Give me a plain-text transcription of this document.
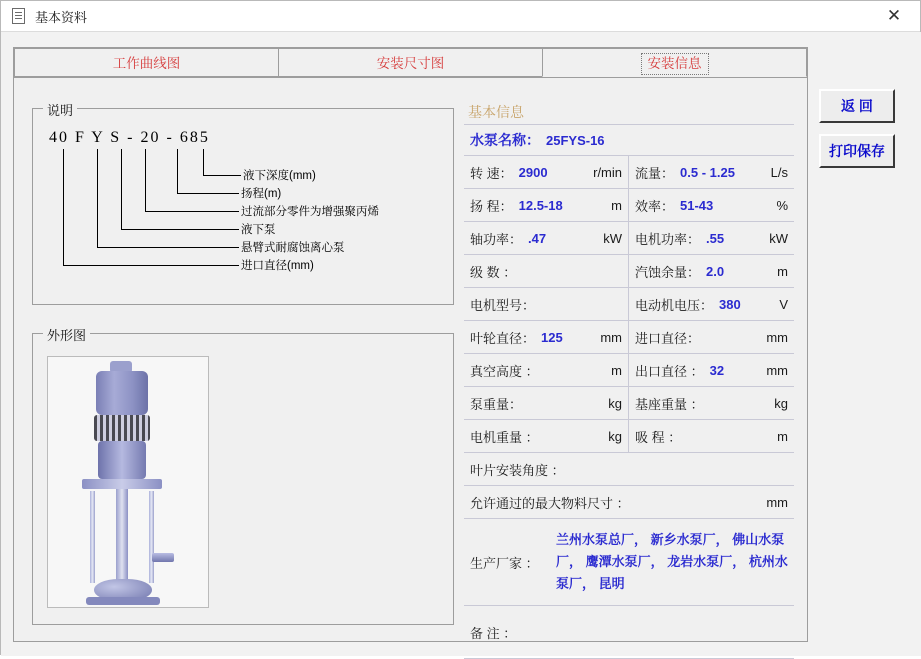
基本资料	✕
工作曲线图	安装尺寸图	安装信息
说明
40 F Y S - 20 - 685
液下深度(mm)
扬程(m)
过流部分零件为增强聚丙烯
液下泵
悬臂式耐腐蚀离心泵
进口直径(mm)
外形图
基本信息
水泵名称： 25FYS-16
转 速： 2900	r/min 流量： 0.5 - 1.25	L/s
扬 程： 12.5-18	m 效率： 51-43	%
轴功率： .47	kW 电机功率： .55	kW
级 数 ：	汽蚀余量： 2.0	m
电机型号：	电动机电压： 380	V
叶轮直径： 125	mm 进口直径：	mm
真空高度 ：	m 出口直径 ： 32	mm
泵重量：	kg 基座重量 ：	kg
电机重量 ：	kg 吸 程 ：	m
叶片安装角度 ：
允许通过的最大物料尺寸 ：	mm
生产厂家 ：
兰州水泵总厂， 新乡水泵厂， 佛山水泵厂， 鹰潭水泵厂， 龙岩水泵厂， 杭州水泵厂， 昆明
备 注 ：
返 回
打印保存
